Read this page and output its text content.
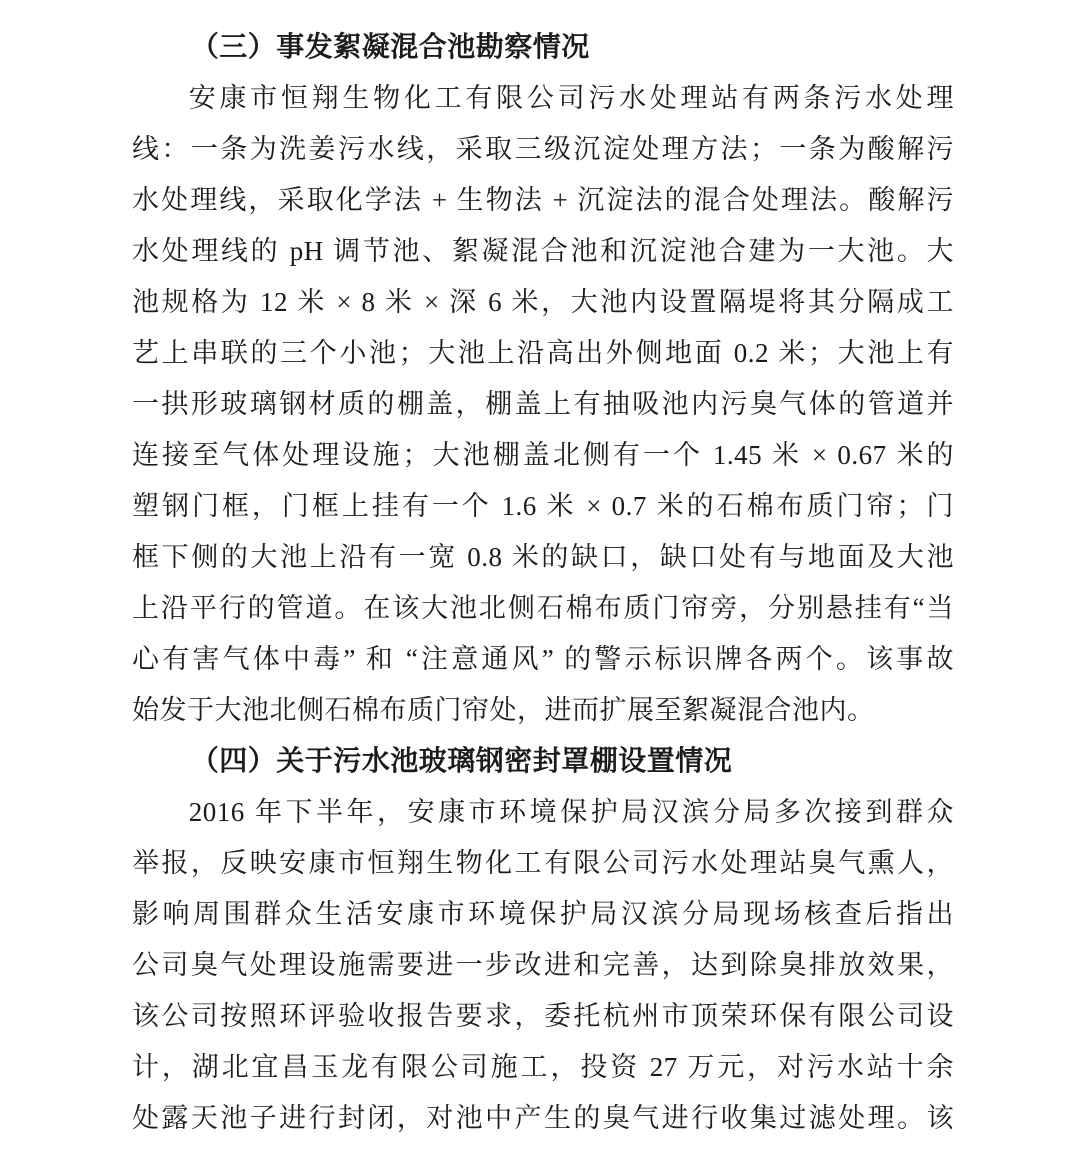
（三）事发絮凝混合池勘察情况
安康市恒翔生物化工有限公司污水处理站有两条污水处理
线：一条为洗姜污水线，采取三级沉淀处理方法；一条为酸解污
水处理线，采取化学法 + 生物法 + 沉淀法的混合处理法。酸解污
水处理线的 pH 调节池、絮凝混合池和沉淀池合建为一大池。大
池规格为 12 米 × 8 米 × 深 6 米，大池内设置隔堤将其分隔成工
艺上串联的三个小池；大池上沿高出外侧地面 0.2 米；大池上有
一拱形玻璃钢材质的棚盖，棚盖上有抽吸池内污臭气体的管道并
连接至气体处理设施；大池棚盖北侧有一个 1.45 米 × 0.67 米的
塑钢门框，门框上挂有一个 1.6 米 × 0.7 米的石棉布质门帘；门
框下侧的大池上沿有一宽 0.8 米的缺口，缺口处有与地面及大池
上沿平行的管道。在该大池北侧石棉布质门帘旁，分别悬挂有“当
心有害气体中毒” 和 “注意通风” 的警示标识牌各两个。该事故
始发于大池北侧石棉布质门帘处，进而扩展至絮凝混合池内。
（四）关于污水池玻璃钢密封罩棚设置情况
2016 年下半年，安康市环境保护局汉滨分局多次接到群众
举报，反映安康市恒翔生物化工有限公司污水处理站臭气熏人，
影响周围群众生活安康市环境保护局汉滨分局现场核查后指出
公司臭气处理设施需要进一步改进和完善，达到除臭排放效果，
该公司按照环评验收报告要求，委托杭州市顶荣环保有限公司设
计，湖北宜昌玉龙有限公司施工，投资 27 万元，对污水站十余
处露天池子进行封闭，对池中产生的臭气进行收集过滤处理。该
